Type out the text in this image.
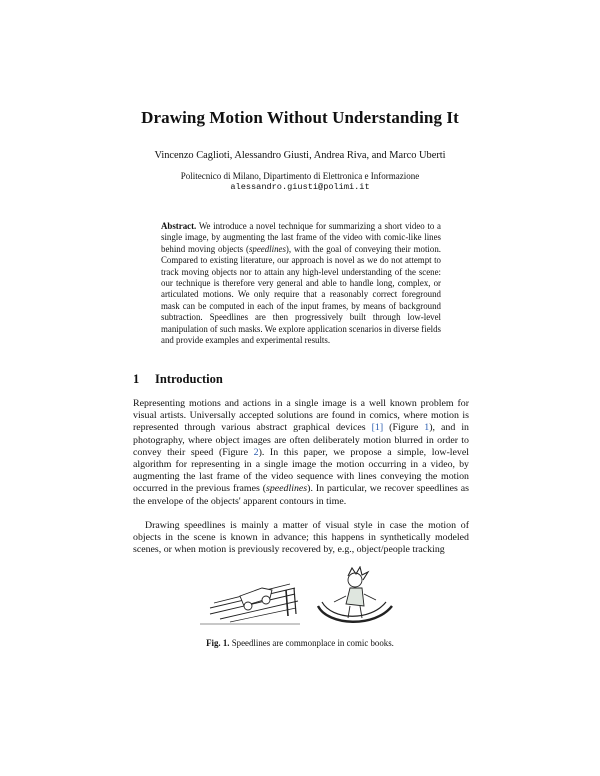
Drawing Motion Without Understanding It
Vincenzo Caglioti, Alessandro Giusti, Andrea Riva, and Marco Uberti
Politecnico di Milano, Dipartimento di Elettronica e Informazione
alessandro.giusti@polimi.it
Abstract. We introduce a novel technique for summarizing a short video to a single image, by augmenting the last frame of the video with comic-like lines behind moving objects (speedlines), with the goal of conveying their motion. Compared to existing literature, our approach is novel as we do not attempt to track moving objects nor to attain any high-level understanding of the scene: our technique is therefore very general and able to handle long, complex, or articulated motions. We only require that a reasonably correct foreground mask can be computed in each of the input frames, by means of background subtraction. Speedlines are then progressively built through low-level manipulation of such masks. We explore application scenarios in diverse fields and provide examples and experimental results.
1 Introduction
Representing motions and actions in a single image is a well known problem for visual artists. Universally accepted solutions are found in comics, where motion is represented through various abstract graphical devices [1] (Figure 1), and in photography, where object images are often deliberately motion blurred in order to convey their speed (Figure 2). In this paper, we propose a simple, low-level algorithm for representing in a single image the motion occurring in a video, by augmenting the last frame of the video sequence with lines conveying the motion occurred in the previous frames (speedlines). In particular, we recover speedlines as the envelope of the objects' apparent contours in time.
Drawing speedlines is mainly a matter of visual style in case the motion of objects in the scene is known in advance; this happens in synthetically modeled scenes, or when motion is previously recovered by, e.g., object/people tracking
Fig. 1. Speedlines are commonplace in comic books.
